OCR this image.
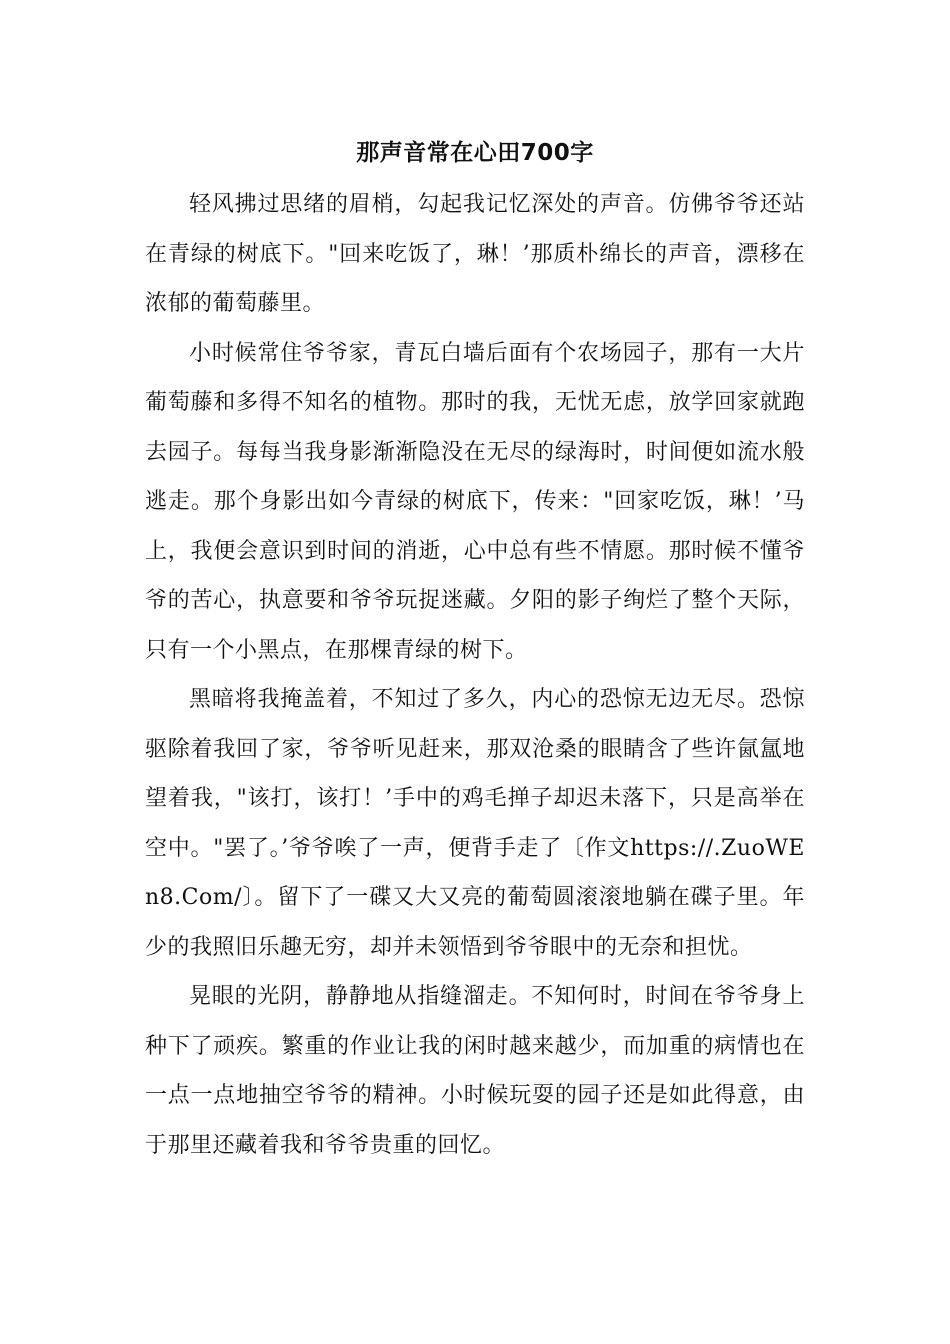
那声音常在心田700字

轻风拂过思绪的眉梢，勾起我记忆深处的声音。仿佛爷爷还站在青绿的树底下。"回来吃饭了，琳！’那质朴绵长的声音，漂移在浓郁的葡萄藤里。

小时候常住爷爷家，青瓦白墙后面有个农场园子，那有一大片葡萄藤和多得不知名的植物。那时的我，无忧无虑，放学回家就跑去园子。每每当我身影渐渐隐没在无尽的绿海时，时间便如流水般逃走。那个身影出如今青绿的树底下，传来："回家吃饭，琳！’马上，我便会意识到时间的消逝，心中总有些不情愿。那时候不懂爷爷的苦心，执意要和爷爷玩捉迷藏。夕阳的影子绚烂了整个天际，只有一个小黑点，在那棵青绿的树下。

黑暗将我掩盖着，不知过了多久，内心的恐惊无边无尽。恐惊驱除着我回了家，爷爷听见赶来，那双沧桑的眼睛含了些许氤氲地望着我，"该打，该打！’手中的鸡毛掸子却迟未落下，只是高举在空中。"罢了。’爷爷唉了一声，便背手走了〔作文https://.ZuoWEn8.Com/〕。留下了一碟又大又亮的葡萄圆滚滚地躺在碟子里。年少的我照旧乐趣无穷，却并未领悟到爷爷眼中的无奈和担忧。

晃眼的光阴，静静地从指缝溜走。不知何时，时间在爷爷身上种下了顽疾。繁重的作业让我的闲时越来越少，而加重的病情也在一点一点地抽空爷爷的精神。小时候玩耍的园子还是如此得意，由于那里还藏着我和爷爷贵重的回忆。
